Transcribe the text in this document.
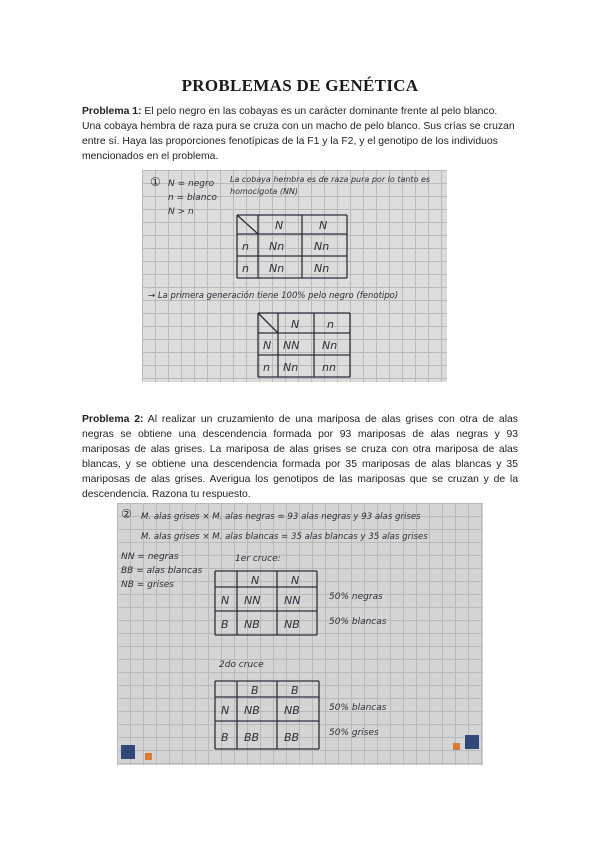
PROBLEMAS DE GENÉTICA
Problema 1: El pelo negro en las cobayas es un carácter dominante frente al pelo blanco. Una cobaya hembra de raza pura se cruza con un macho de pelo blanco. Sus crías se cruzan entre sí. Haya las proporciones fenotípicas de la F1 y la F2, y el genotipo de los individuos mencionados en el problema.
① N = negro
n = blanco
N > n
La cobaya hembra es de raza pura por lo tanto es homocigota (NN)
N	N
n Nn	Nn
n Nn	Nn
→ La primera generación tiene 100% pelo negro (fenotipo)
N	n
N NN Nn
n Nn nn
Problema 2: Al realizar un cruzamiento de una mariposa de alas grises con otra de alas negras se obtiene una descendencia formada por 93 mariposas de alas negras y 93 mariposas de alas grises. La mariposa de alas grises se cruza con otra mariposa de alas blancas, y se obtiene una descendencia formada por 35 mariposas de alas blancas y 35 mariposas de alas grises. Averigua los genotipos de las mariposas que se cruzan y de la descendencia. Razona tu respuesto.
② M. alas grises × M. alas negras = 93 alas negras y 93 alas grises
M. alas grises × M. alas blancas = 35 alas blancas y 35 alas grises
NN = negras
BB = alas blancas
NB = grises
1er cruce:
N	N
N NN NN
B NB NB
50% negras
50% blancas
2do cruce
B	B
N NB NB
B BB BB
50% blancas
50% grises
